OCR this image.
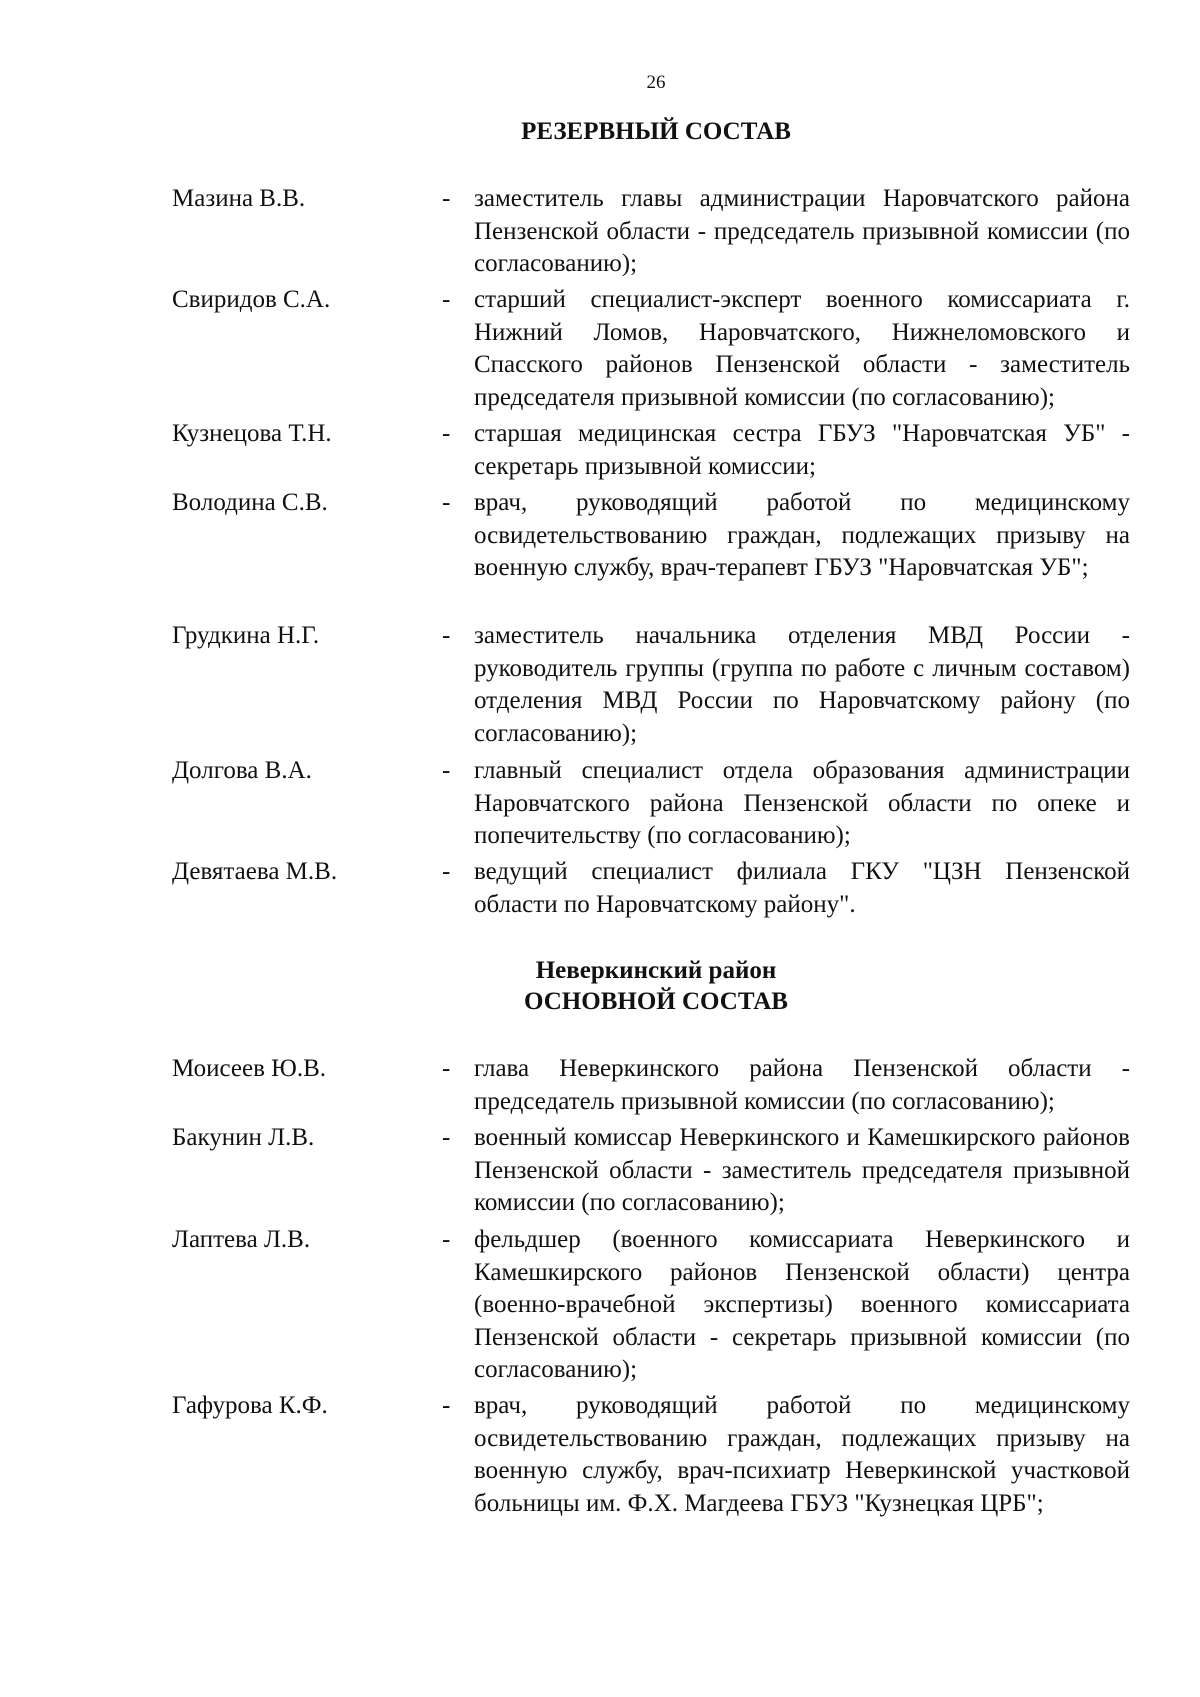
26
РЕЗЕРВНЫЙ СОСТАВ
Мазина В.В.	- заместитель главы администрации Наровчатского района Пензенской области - председатель призывной комиссии (по согласованию);
Свиридов С.А.	- старший специалист-эксперт военного комиссариата г. Нижний Ломов, Наровчатского, Нижнеломовского и Спасского районов Пензенской области - заместитель председателя призывной комиссии (по согласованию);
Кузнецова Т.Н.	- старшая медицинская сестра ГБУЗ "Наровчатская УБ" - секретарь призывной комиссии;
Володина С.В.	- врач, руководящий работой по медицинскому освидетельствованию граждан, подлежащих призыву на военную службу, врач-терапевт ГБУЗ "Наровчатская УБ";
Грудкина Н.Г.	- заместитель начальника отделения МВД России - руководитель группы (группа по работе с личным составом) отделения МВД России по Наровчатскому району (по согласованию);
Долгова В.А.	- главный специалист отдела образования администрации Наровчатского района Пензенской области по опеке и попечительству (по согласованию);
Девятаева М.В.	- ведущий специалист филиала ГКУ "ЦЗН Пензенской области по Наровчатскому району".
Неверкинский район
ОСНОВНОЙ СОСТАВ
Моисеев Ю.В.	- глава Неверкинского района Пензенской области - председатель призывной комиссии (по согласованию);
Бакунин Л.В.	- военный комиссар Неверкинского и Камешкирского районов Пензенской области - заместитель председателя призывной комиссии (по согласованию);
Лаптева Л.В.	- фельдшер (военного комиссариата Неверкинского и Камешкирского районов Пензенской области) центра (военно-врачебной экспертизы) военного комиссариата Пензенской области - секретарь призывной комиссии (по согласованию);
Гафурова К.Ф.	- врач, руководящий работой по медицинскому освидетельствованию граждан, подлежащих призыву на военную службу, врач-психиатр Неверкинской участковой больницы им. Ф.Х. Магдеева ГБУЗ "Кузнецкая ЦРБ";
